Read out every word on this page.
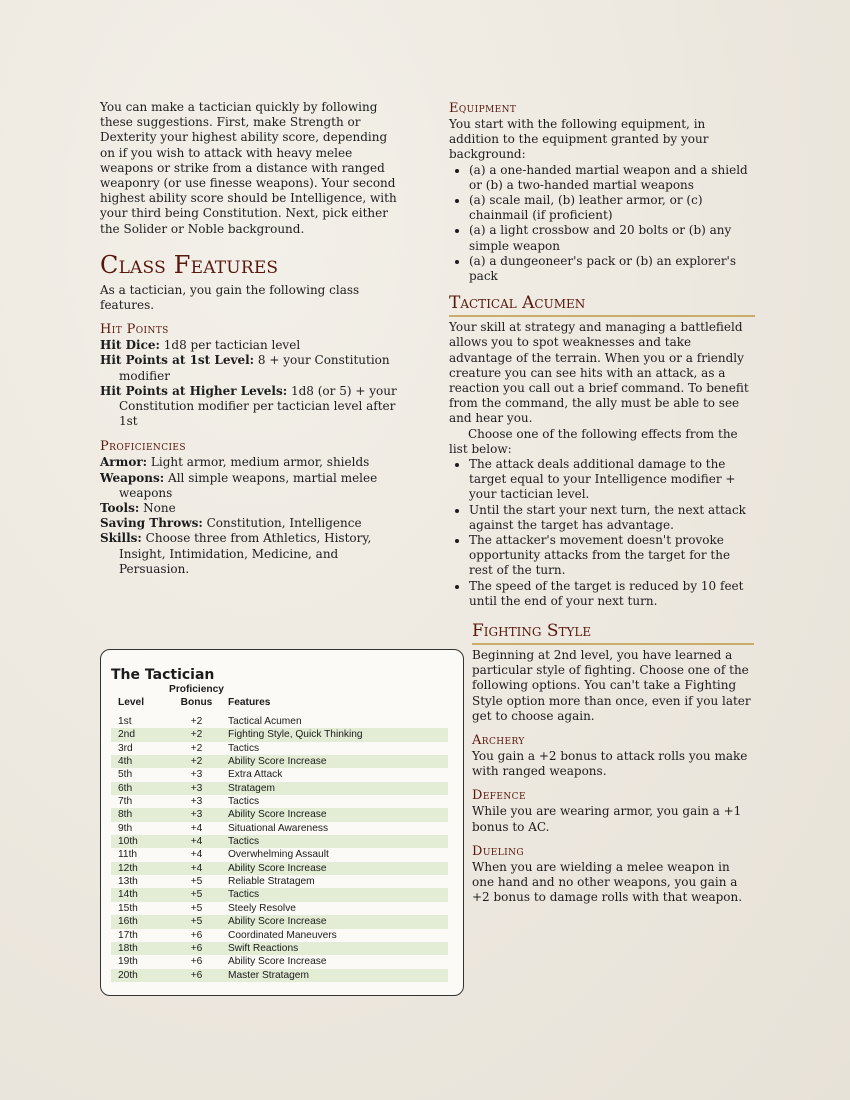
You can make a tactician quickly by following these suggestions. First, make Strength or Dexterity your highest ability score, depending on if you wish to attack with heavy melee weapons or strike from a distance with ranged weaponry (or use finesse weapons). Your second highest ability score should be Intelligence, with your third being Constitution. Next, pick either the Solider or Noble background.

Class Features

As a tactician, you gain the following class features.

Hit Points

Hit Dice: 1d8 per tactician level

Hit Points at 1st Level: 8 + your Constitution modifier

Hit Points at Higher Levels: 1d8 (or 5) + your Constitution modifier per tactician level after 1st

Proficiencies

Armor: Light armor, medium armor, shields

Weapons: All simple weapons, martial melee weapons

Tools: None

Saving Throws: Constitution, Intelligence

Skills: Choose three from Athletics, History, Insight, Intimidation, Medicine, and Persuasion.

Equipment

You start with the following equipment, in addition to the equipment granted by your background:

• (a) a one-handed martial weapon and a shield or (b) a two-handed martial weapons
• (a) scale mail, (b) leather armor, or (c) chainmail (if proficient)
• (a) a light crossbow and 20 bolts or (b) any simple weapon
• (a) a dungeoneer's pack or (b) an explorer's pack
Tactical Acumen

Your skill at strategy and managing a battlefield allows you to spot weaknesses and take advantage of the terrain. When you or a friendly creature you can see hits with an attack, as a reaction you call out a brief command. To benefit from the command, the ally must be able to see and hear you.

Choose one of the following effects from the list below:

• The attack deals additional damage to the target equal to your Intelligence modifier + your tactician level.
• Until the start your next turn, the next attack against the target has advantage.
• The attacker's movement doesn't provoke opportunity attacks from the target for the rest of the turn.
• The speed of the target is reduced by 10 feet until the end of your next turn.
Fighting Style

Beginning at 2nd level, you have learned a particular style of fighting. Choose one of the following options. You can't take a Fighting Style option more than once, even if you later get to choose again.

Archery

You gain a +2 bonus to attack rolls you make with ranged weapons.

Defence

While you are wearing armor, you gain a +1 bonus to AC.

Dueling

When you are wielding a melee weapon in one hand and no other weapons, you gain a +2 bonus to damage rolls with that weapon.

The Tactician
Level	Proficiency
Bonus	Features
1st	+2	Tactical Acumen
2nd	+2	Fighting Style, Quick Thinking
3rd	+2	Tactics
4th	+2	Ability Score Increase
5th	+3	Extra Attack
6th	+3	Stratagem
7th	+3	Tactics
8th	+3	Ability Score Increase
9th	+4	Situational Awareness
10th	+4	Tactics
11th	+4	Overwhelming Assault
12th	+4	Ability Score Increase
13th	+5	Reliable Stratagem
14th	+5	Tactics
15th	+5	Steely Resolve
16th	+5	Ability Score Increase
17th	+6	Coordinated Maneuvers
18th	+6	Swift Reactions
19th	+6	Ability Score Increase
20th	+6	Master Stratagem
